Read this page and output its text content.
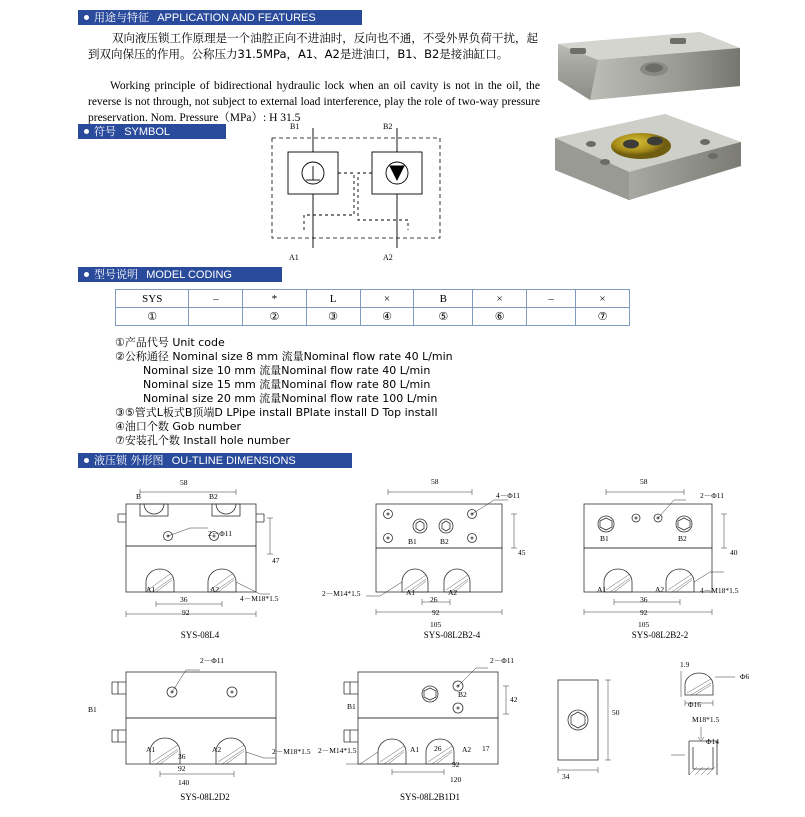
用途与特征 APPLICATION AND FEATURES
双向液压锁工作原理是一个油腔正向不进油时，反向也不通，不受外界负荷干扰，起到双向保压的作用。公称压力31.5MPa，A1、A2是进油口，B1、B2是接油缸口。
Working principle of bidirectional hydraulic lock when an oil cavity is not in the oil, the reverse is not through, not subject to external load interference, play the role of two-way pressure preservation. Nom. Pressure（MPa）: H 31.5
符号 SYMBOL	B1	B2
A1	A2
型号说明 MODEL CODING
SYS	–	*	L	×	B	×	–	×
①		②	③	④	⑤	⑥		⑦
①产品代号 Unit code
②公称通径 Nominal size 8 mm 流量Nominal flow rate 40 L/min
Nominal size 10 mm 流量Nominal flow rate 40 L/min
Nominal size 15 mm 流量Nominal flow rate 80 L/min
Nominal size 20 mm 流量Nominal flow rate 100 L/min
③⑤管式L板式B顶端D LPipe install BPlate install D Top install
④油口个数 Gob number
⑦安装孔个数 Install hole number
液压锁 外形图 OU-TLINE DIMENSIONS
58
47
36
92
2－Φ11
4－M18*1.5
B	B2
A1	A2
SYS-08L4
58
45
26
92
105
4－Φ11
2－M14*1.5
B1	B2
A1	A2
SYS-08L2B2-4
58
40
36
92
105
2－Φ11
4－M18*1.5
B1	B2
A1	A2
SYS-08L2B2-2
2－Φ11
36
92
140
2－M18*1.5
B1
A1	A2
SYS-08L2D2
2－Φ11
42
26	17
92
120
2－M14*1.5
B1
B2
A1	A2
SYS-08L2B1D1
50
34
1.9
Φ6
Φ16
M18*1.5
Φ14
